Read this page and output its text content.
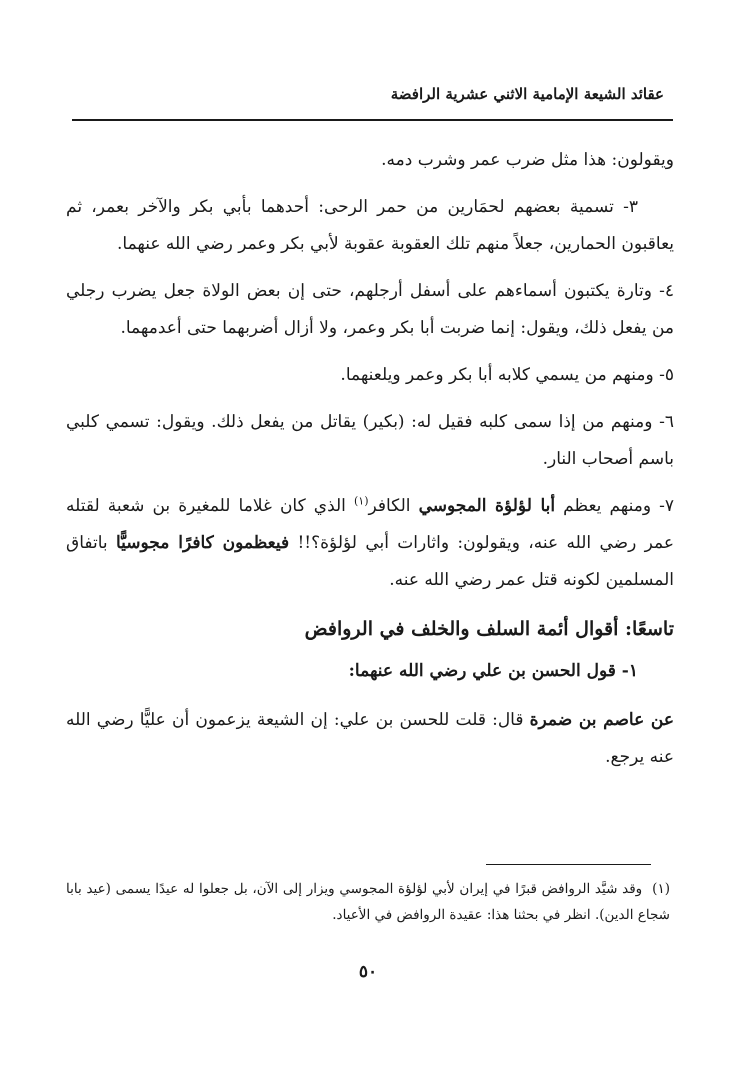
عقائد الشيعة الإمامية الاثني عشرية الرافضة

ويقولون: هذا مثل ضرب عمر وشرب دمه.

٣- تسمية بعضهم لحمَارين من حمر الرحى: أحدهما بأبي بكر والآخر بعمر، ثم يعاقبون الحمارين، جعلاً منهم تلك العقوبة عقوبة لأبي بكر وعمر رضي الله عنهما.

٤- وتارة يكتبون أسماءهم على أسفل أرجلهم، حتى إن بعض الولاة جعل يضرب رجلي من يفعل ذلك، ويقول: إنما ضربت أبا بكر وعمر، ولا أزال أضربهما حتى أعدمهما.

٥- ومنهم من يسمي كلابه أبا بكر وعمر ويلعنهما.

٦- ومنهم من إذا سمى كلبه فقيل له: (بكير) يقاتل من يفعل ذلك. ويقول: تسمي كلبي باسم أصحاب النار.

٧- ومنهم يعظم أبا لؤلؤة المجوسي الكافر$^{(١)}$ الذي كان غلاما للمغيرة بن شعبة لقتله عمر رضي الله عنه، ويقولون: واثارات أبي لؤلؤة؟!! فيعظمون كافرًا مجوسيًّا باتفاق المسلمين لكونه قتل عمر رضي الله عنه.

تاسعًا: أقوال أئمة السلف والخلف في الروافض
١- قول الحسن بن علي رضي الله عنهما:

عن عاصم بن ضمرة قال: قلت للحسن بن علي: إن الشيعة يزعمون أن عليًّا رضي الله عنه يرجع.

(١)وقد شيَّد الروافض قبرًا في إيران لأبي لؤلؤة المجوسي ويزار إلى الآن، بل جعلوا له عيدًا يسمى (عيد بابا شجاع الدين). انظر في بحثنا هذا: عقيدة الروافض في الأعياد.
٥٠
